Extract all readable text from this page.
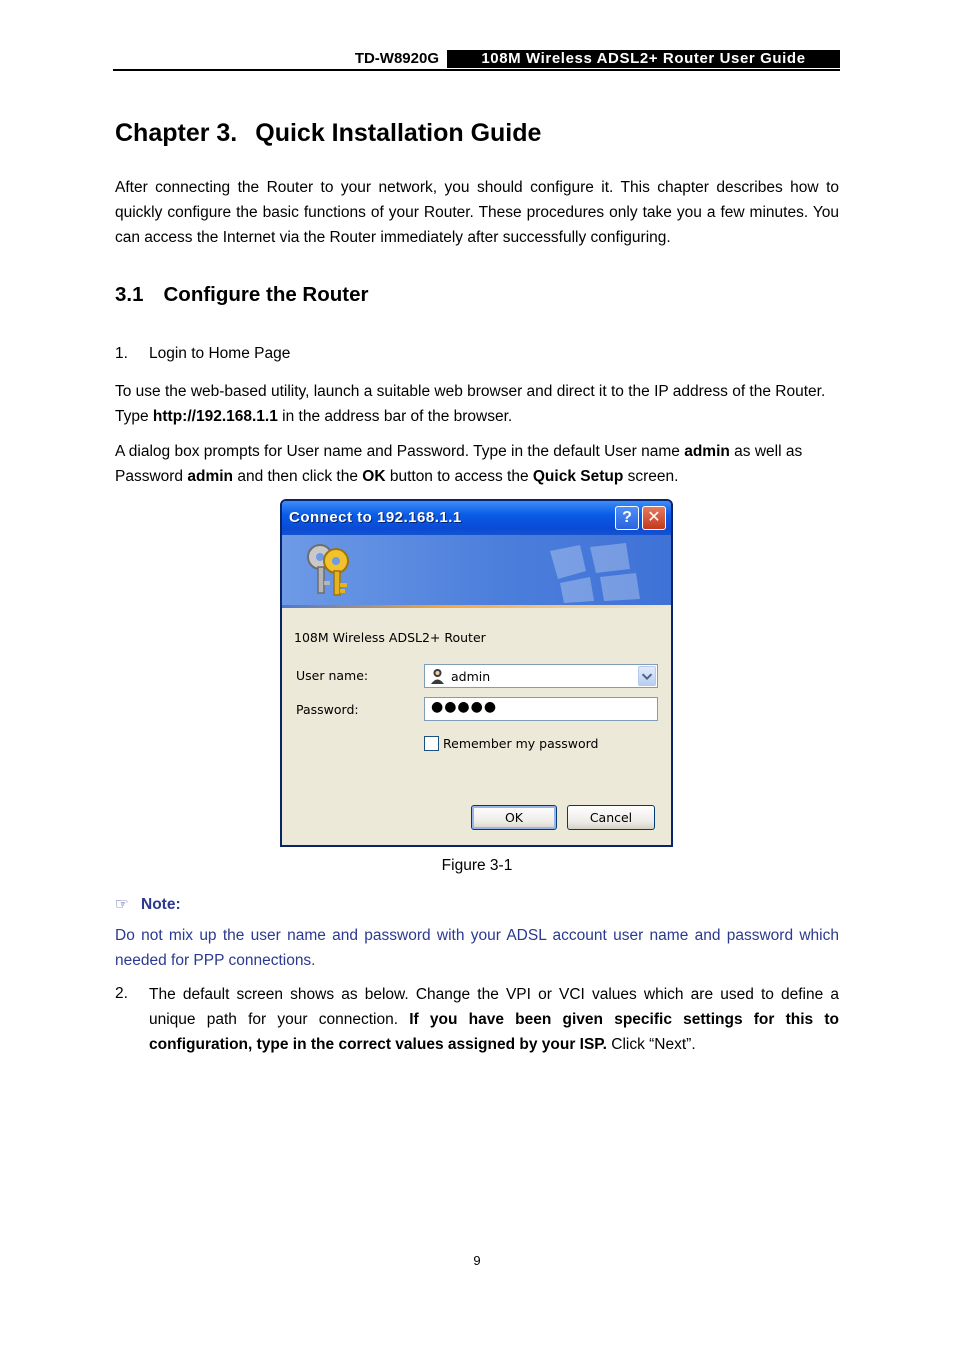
TD-W8920G	108M Wireless ADSL2+ Router User Guide
Chapter 3. Quick Installation Guide

After connecting the Router to your network, you should configure it. This chapter describes how to quickly configure the basic functions of your Router. These procedures only take you a few minutes. You can access the Internet via the Router immediately after successfully configuring.

3.1 Configure the Router
1. Login to Home Page

To use the web-based utility, launch a suitable web browser and direct it to the IP address of the Router. Type http://192.168.1.1 in the address bar of the browser.

A dialog box prompts for User name and Password. Type in the default User name admin as well as Password admin and then click the OK button to access the Quick Setup screen.

Connect to 192.168.1.1	? ✕
108M Wireless ADSL2+ Router
User name:	admin
Password:	●●●●●
Remember my password
OK	Cancel
Figure 3-1
☞ Note:

Do not mix up the user name and password with your ADSL account user name and password which needed for PPP connections.

2. The default screen shows as below. Change the VPI or VCI values which are used to define a unique path for your connection. If you have been given specific settings for this to configuration, type in the correct values assigned by your ISP. Click “Next”.

9
